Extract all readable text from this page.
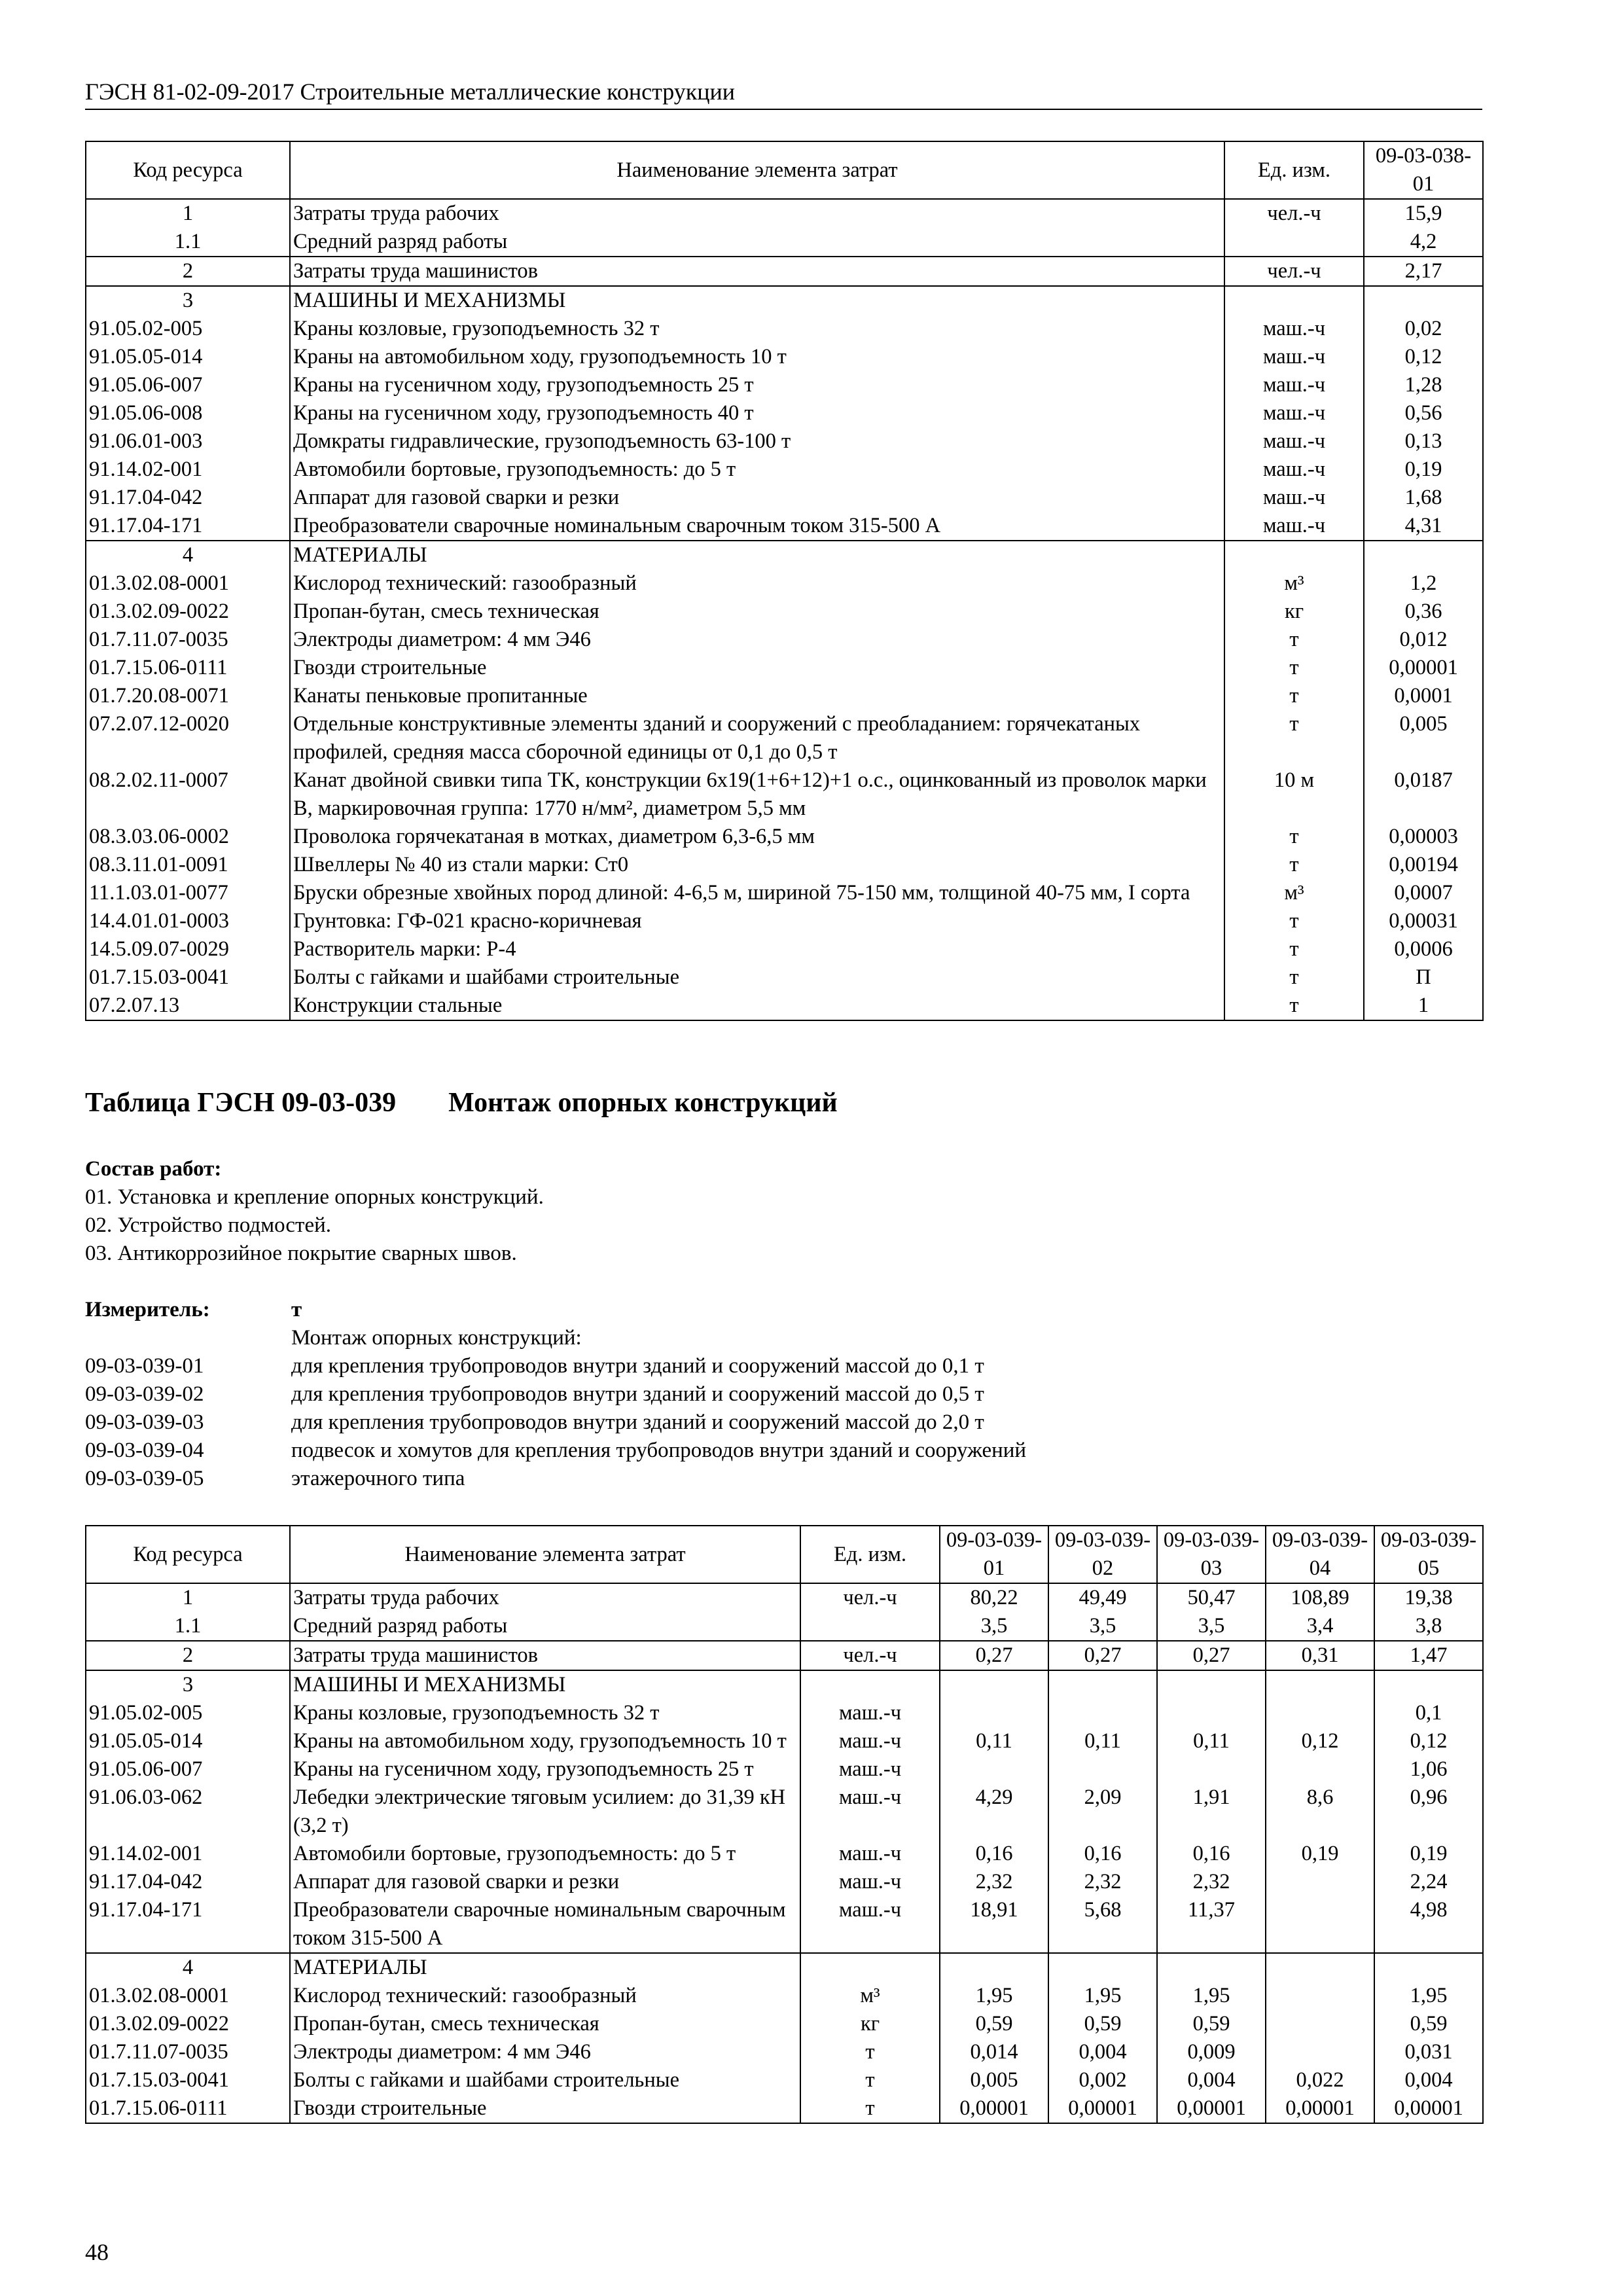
ГЭСН 81-02-09-2017 Строительные металлические конструкции
Код ресурса	Наименование элемента затрат	Ед. изм.	09-03-038-01
1	Затраты труда рабочих	чел.-ч	15,9
1.1	Средний разряд работы		4,2
2	Затраты труда машинистов	чел.-ч	2,17
3	МАШИНЫ И МЕХАНИЗМЫ		
91.05.02-005	Краны козловые, грузоподъемность 32 т	маш.-ч	0,02
91.05.05-014	Краны на автомобильном ходу, грузоподъемность 10 т	маш.-ч	0,12
91.05.06-007	Краны на гусеничном ходу, грузоподъемность 25 т	маш.-ч	1,28
91.05.06-008	Краны на гусеничном ходу, грузоподъемность 40 т	маш.-ч	0,56
91.06.01-003	Домкраты гидравлические, грузоподъемность 63-100 т	маш.-ч	0,13
91.14.02-001	Автомобили бортовые, грузоподъемность: до 5 т	маш.-ч	0,19
91.17.04-042	Аппарат для газовой сварки и резки	маш.-ч	1,68
91.17.04-171	Преобразователи сварочные номинальным сварочным током 315-500 А	маш.-ч	4,31
4	МАТЕРИАЛЫ		
01.3.02.08-0001	Кислород технический: газообразный	м³	1,2
01.3.02.09-0022	Пропан-бутан, смесь техническая	кг	0,36
01.7.11.07-0035	Электроды диаметром: 4 мм Э46	т	0,012
01.7.15.06-0111	Гвозди строительные	т	0,00001
01.7.20.08-0071	Канаты пеньковые пропитанные	т	0,0001
07.2.07.12-0020	Отдельные конструктивные элементы зданий и сооружений с преобладанием: горячекатаных профилей, средняя масса сборочной единицы от 0,1 до 0,5 т	т	0,005
08.2.02.11-0007	Канат двойной свивки типа ТК, конструкции 6х19(1+6+12)+1 о.с., оцинкованный из проволок марки В, маркировочная группа: 1770 н/мм², диаметром 5,5 мм	10 м	0,0187
08.3.03.06-0002	Проволока горячекатаная в мотках, диаметром 6,3-6,5 мм	т	0,00003
08.3.11.01-0091	Швеллеры № 40 из стали марки: Ст0	т	0,00194
11.1.03.01-0077	Бруски обрезные хвойных пород длиной: 4-6,5 м, шириной 75-150 мм, толщиной 40-75 мм, I сорта	м³	0,0007
14.4.01.01-0003	Грунтовка: ГФ-021 красно-коричневая	т	0,00031
14.5.09.07-0029	Растворитель марки: Р-4	т	0,0006
01.7.15.03-0041	Болты с гайками и шайбами строительные	т	П
07.2.07.13	Конструкции стальные	т	1
Таблица ГЭСН 09-03-039 Монтаж опорных конструкций
Состав работ:
01. Установка и крепление опорных конструкций.
02. Устройство подмостей.
03. Антикоррозийное покрытие сварных швов.
Измеритель:	т
Монтаж опорных конструкций:
09-03-039-01	для крепления трубопроводов внутри зданий и сооружений массой до 0,1 т
09-03-039-02	для крепления трубопроводов внутри зданий и сооружений массой до 0,5 т
09-03-039-03	для крепления трубопроводов внутри зданий и сооружений массой до 2,0 т
09-03-039-04	подвесок и хомутов для крепления трубопроводов внутри зданий и сооружений
09-03-039-05	этажерочного типа
Код ресурса	Наименование элемента затрат	Ед. изм.	09-03-039-01	09-03-039-02	09-03-039-03	09-03-039-04	09-03-039-05
1	Затраты труда рабочих	чел.-ч	80,22	49,49	50,47	108,89	19,38
1.1	Средний разряд работы		3,5	3,5	3,5	3,4	3,8
2	Затраты труда машинистов	чел.-ч	0,27	0,27	0,27	0,31	1,47
3	МАШИНЫ И МЕХАНИЗМЫ						
91.05.02-005	Краны козловые, грузоподъемность 32 т	маш.-ч					0,1
91.05.05-014	Краны на автомобильном ходу, грузоподъемность 10 т	маш.-ч	0,11	0,11	0,11	0,12	0,12
91.05.06-007	Краны на гусеничном ходу, грузоподъемность 25 т	маш.-ч					1,06
91.06.03-062	Лебедки электрические тяговым усилием: до 31,39 кН (3,2 т)	маш.-ч	4,29	2,09	1,91	8,6	0,96
91.14.02-001	Автомобили бортовые, грузоподъемность: до 5 т	маш.-ч	0,16	0,16	0,16	0,19	0,19
91.17.04-042	Аппарат для газовой сварки и резки	маш.-ч	2,32	2,32	2,32		2,24
91.17.04-171	Преобразователи сварочные номинальным сварочным током 315-500 А	маш.-ч	18,91	5,68	11,37		4,98
4	МАТЕРИАЛЫ						
01.3.02.08-0001	Кислород технический: газообразный	м³	1,95	1,95	1,95		1,95
01.3.02.09-0022	Пропан-бутан, смесь техническая	кг	0,59	0,59	0,59		0,59
01.7.11.07-0035	Электроды диаметром: 4 мм Э46	т	0,014	0,004	0,009		0,031
01.7.15.03-0041	Болты с гайками и шайбами строительные	т	0,005	0,002	0,004	0,022	0,004
01.7.15.06-0111	Гвозди строительные	т	0,00001	0,00001	0,00001	0,00001	0,00001
48
